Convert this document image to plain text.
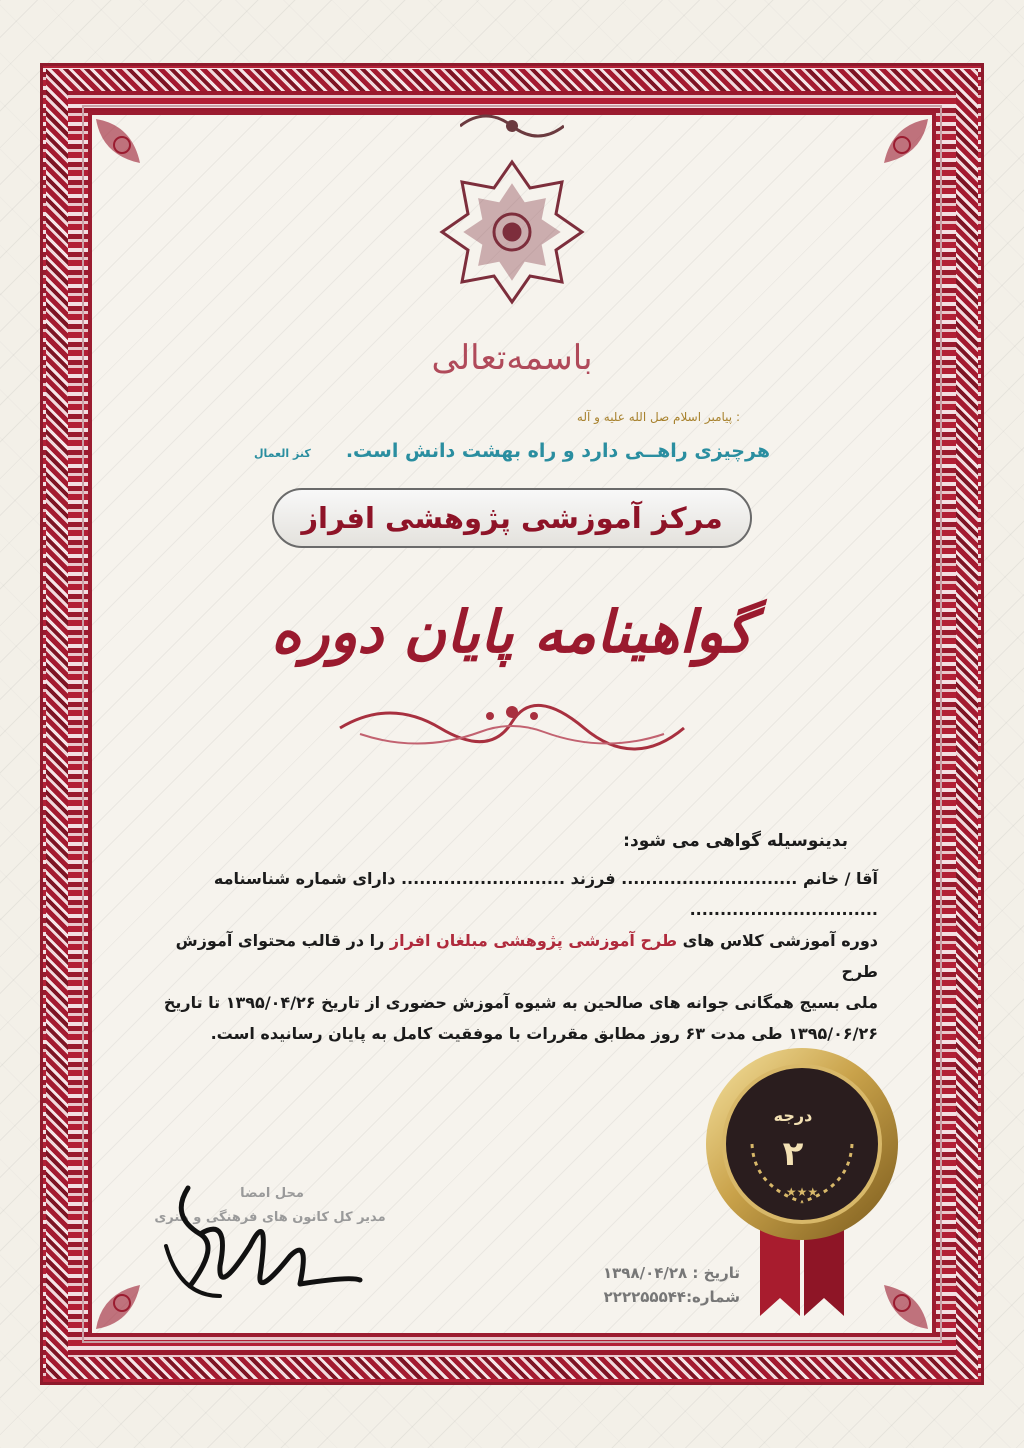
باسمه‌تعالی
پیامبر اسلام صل الله علیه و آله :
هرچیزی راهــی دارد و راه بهشت دانش است.
کنز العمال
مرکز آموزشی پژوهشی افراز
گواهینامه پایان دوره
بدینوسیله گواهی می شود:
آقا / خانم ............................. فرزند ........................... دارای شماره شناسنامه ...............................
دوره آموزشی کلاس های طرح آموزشی پژوهشی مبلغان افراز را در قالب محتوای آموزش طرح
ملی بسیج همگانی جوانه های صالحین به شیوه آموزش حضوری از تاریخ ۱۳۹۵/۰۴/۲۶ تا تاریخ
۱۳۹۵/۰۶/۲۶ طی مدت ۶۳ روز مطابق مقررات با موفقیت کامل به پایان رسانیده است.
★★★
درجه
۲
محل امضا
مدیر کل کانون های فرهنگی و هنری
تاریخ : ۱۳۹۸/۰۴/۲۸
شماره:۲۲۲۲۵۵۵۴۴
